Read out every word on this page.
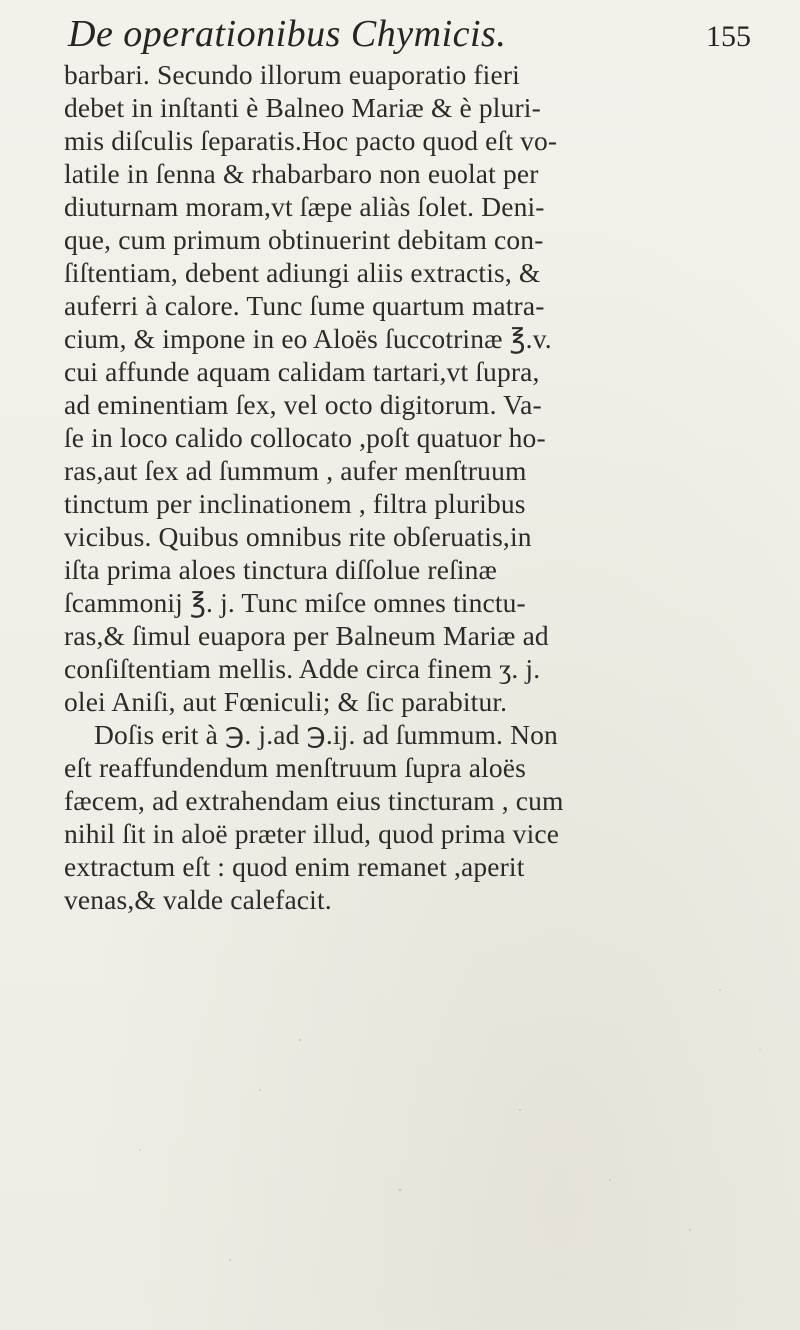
De operationibus Chymicis.	155
barbari. Secundo illorum euaporatio fieri
debet in inſtanti è Balneo Mariæ & è pluri-
mis diſculis ſeparatis.Hoc pacto quod eſt vo-
latile in ſenna & rhabarbaro non euolat per
diuturnam moram,vt ſæpe aliàs ſolet. Deni-
que, cum primum obtinuerint debitam con-
ſiſtentiam, debent adiungi aliis extractis, &
auferri à calore. Tunc ſume quartum matra-
cium, & impone in eo Aloës ſuccotrinæ ℥.v.
cui affunde aquam calidam tartari,vt ſupra,
ad eminentiam ſex, vel octo digitorum. Va-
ſe in loco calido collocato ,poſt quatuor ho-
ras,aut ſex ad ſummum , aufer menſtruum
tinctum per inclinationem , filtra pluribus
vicibus. Quibus omnibus rite obſeruatis,in
iſta prima aloes tinctura diſſolue reſinæ
ſcammonij ℥. j. Tunc miſce omnes tinctu-
ras,& ſimul euapora per Balneum Mariæ ad
conſiſtentiam mellis. Adde circa finem ʒ. j.
olei Aniſi, aut Fœniculi; & ſic parabitur.
Doſis erit à ℈. j.ad ℈.ij. ad ſummum. Non
eſt reaffundendum menſtruum ſupra aloës
fæcem, ad extrahendam eius tincturam , cum
nihil ſit in aloë præter illud, quod prima vice
extractum eſt : quod enim remanet ,aperit
venas,& valde calefacit.
